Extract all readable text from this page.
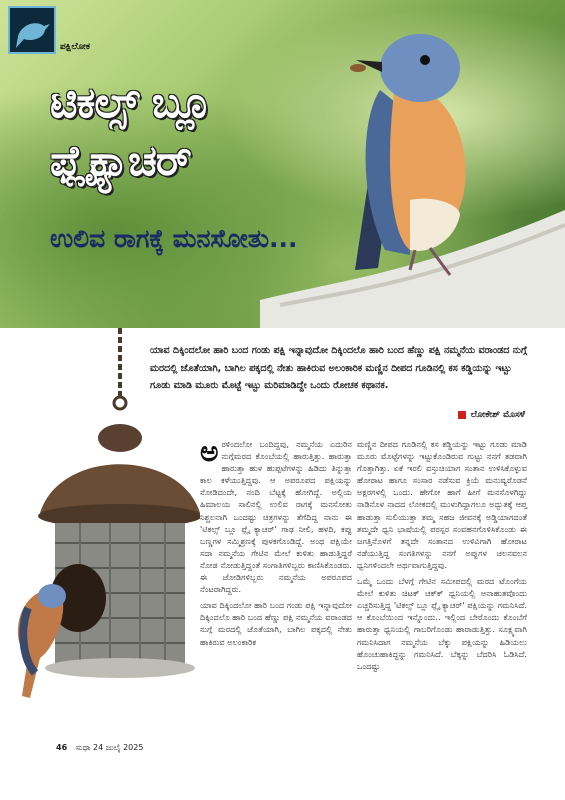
ಪಕ್ಷಿಲೋಕ
ಟಿಕಲ್ಸ್ ಬ್ಲೂ ಫ್ಲೈಕ್ಯಾಚರ್
ಉಲಿವ ರಾಗಕ್ಕೆ ಮನಸೋತು...
ಯಾವ ದಿಕ್ಕಿಂದಲೋ ಹಾರಿ ಬಂದ ಗಂಡು ಪಕ್ಷಿ ಇನ್ನಾವುದೋ ದಿಕ್ಕಿಂದಲೊ ಹಾರಿ ಬಂದ ಹೆಣ್ಣು ಪಕ್ಷಿ ನಮ್ಮನೆಯ ವರಾಂಡದ ನುಗ್ಗೆ ಮರದಲ್ಲಿ ಜೊತೆಯಾಗಿ, ಬಾಗಿಲ ಪಕ್ಕದಲ್ಲಿ ನೇತು ಹಾಕಿರುವ ಅಲಂಕಾರಿಕ ಮಣ್ಣಿನ ದೀಪದ ಗೂಡಿನಲ್ಲಿ ಕಸ ಕಡ್ಡಿಯನ್ನು ಇಟ್ಟು ಗೂಡು ಮಾಡಿ ಮೂರು ಮೊಟ್ಟೆ ಇಟ್ಟು ಮರಿಮಾಡಿದ್ದೇ ಒಂದು ರೋಚಕ ಕಥಾನಕ.
ಲೋಕೇಶ್ ಮೊಸಳೆ

ಅರಳಿಂದಲೋ ಬಂದಿದ್ದವು, ನಮ್ಮನೆಯ ಎದುರಿನ ನುಗ್ಗೆಮರದ ಕೊಂಬೆಯಲ್ಲಿ ಹಾರುತ್ತಿತ್ತು. ಹಾರುತ್ತಾ ಹಾರುತ್ತಾ ಹುಳ ಹುಪ್ಪಟೆಗಳನ್ನು ಹಿಡಿದು ತಿನ್ನುತ್ತಾ ಕಾಲ ಕಳೆಯುತ್ತಿದ್ದವು. ಆ ಅಪರೂಪದ ಪಕ್ಷಿಯನ್ನು ನೋಡಿದಂದೇ, ನಂದಿ ಬೆಟ್ಟಕ್ಕೆ ಹೋಗಿದ್ದೆ. ಅಲ್ಲಿಯ ಹಿಮಾಲಯ ಸಾಲಿನಲ್ಲಿ ಉಲಿವ ರಾಗಕ್ಕೆ ಮನಸೋತು ನಿಶ್ಚಲನಾಗಿ ಒಂದಷ್ಟು ಚಿತ್ರಗಳನ್ನು ತೆಗೆದಿದ್ದ ನಾನು ಈ 'ಟಿಕಲ್ಸ್ ಬ್ಲೂ ಫ್ಲೈ ಕ್ಯಾಚರ್' ಗಾಢ ನೀಲಿ, ಹಳದಿ, ಕಪ್ಪು ಬಣ್ಣಗಳ ಸಮ್ಮಿಶ್ರಣಕ್ಕೆ ಪುಳಕಗೊಂಡಿದ್ದೆ. ಅಂಥ ಪಕ್ಷಿಯೇ ಸದಾ ನಮ್ಮನೆಯ ಗೇಟಿನ ಮೇಲೆ ಕುಳಿತು ಹಾಡುತ್ತಿದ್ದರೆ ನೋಡ ನೋಡುತ್ತಿದ್ದಂತೆ ಸಂಗಾತಿಗಳಿಬ್ಬರು ಕಾಣಿಸಿಕೊಂಡರು. ಈ ಜೋಡಿಗಳಿಬ್ಬರು ನಮ್ಮನೆಯ ಅಪರೂಪದ ನೆಂಟರಾಗಿದ್ದರು.

ಯಾವ ದಿಕ್ಕಿಂದಲೋ ಹಾರಿ ಬಂದ ಗಂಡು ಪಕ್ಷಿ ಇನ್ನಾವುದೋ ದಿಕ್ಕಿಂದಲೊ ಹಾರಿ ಬಂದ ಹೆಣ್ಣು ಪಕ್ಷಿ ನಮ್ಮನೆಯ ವರಾಂಡದ ನುಗ್ಗೆ ಮರದಲ್ಲಿ ಜೊತೆಯಾಗಿ, ಬಾಗಿಲ ಪಕ್ಕದಲ್ಲಿ ನೇತು ಹಾಕಿರುವ ಅಲಂಕಾರಿಕ

ಮಣ್ಣಿನ ದೀಪದ ಗೂಡಿನಲ್ಲಿ ಕಸ ಕಡ್ಡಿಯನ್ನು ಇಟ್ಟು ಗೂಡು ಮಾಡಿ ಮೂರು ಮೊಟ್ಟೆಗಳನ್ನು ಇಟ್ಟುಕೊಂಡಿರುವ ಗುಟ್ಟು ನನಗೆ ತಡವಾಗಿ ಗೊತ್ತಾಗಿತ್ತು. ಏಕೆ ಇರಲಿ ವಸ್ತುಚಿಯಾಗ ಸಂತಾನ ಉಳಿಸಿಕೊಳ್ಳುವ ಹೋರಾಟ ಹಾಗೂ ಸಂಸಾರ ನಡೆಸುವ ಕ್ರಿಯೆ ಮನುಷ್ಯರೊಡನೆ ಅಕ್ಷರಗಳಲ್ಲಿ ಒಂದು. ಹೇಗೋ ಹಾಗೆ ಹೀಗೆ ಮನಸೊಳಗಿದ್ದು ನಾಡಿನೊಳ ನಾದದ ಲೋಕದಲ್ಲಿ ಮುಳುಗಿದ್ದಾಗಲೂ ಅದ್ಭುತಕ್ಕೆ ಆಪ್ತ ಹಾಡುತ್ತಾ ಸುಲಿಯುತ್ತಾ ತಮ್ಮ ಸಹಜ ಜೀವನಕ್ಕೆ ಅಡ್ಡಿಯಾಗದಂತೆ ತಮ್ಮದೇ ಧ್ವನಿ ಭಾಷೆಯಲ್ಲಿ ಪರಸ್ಪರ ಸಂವಹನಗೊಳಿಸಿಕೊಂಡು ಈ ಜಗತ್ತಿನೊಳಗೆ ತನ್ನದೇ ಸಂತಾನದ ಉಳಿವಿಗಾಗಿ ಹೋರಾಟ ನಡೆಯುತ್ತಿದ್ದ ಸಂಗತಿಗಳನ್ನು ನನಗೆ ಅಪ್ಪುಗಳ ಚಲನವಲನ ಧ್ವನಿಗಳಿಂದಲೇ ಅರ್ಥವಾಗುತ್ತಿದ್ದವು.

ಒಮ್ಮೆ ಒಂದು ಬೆಳಗ್ಗೆ ಗೇಟಿನ ಸಮೀಪದಲ್ಲಿ ಮರದ ಟೊಂಗೆಯ ಮೇಲೆ ಕುಳಿತು ಚಿಟಕ್ ಚಕ್‌ಕ್ ಧ್ವನಿಯಲ್ಲಿ ಅನಾಹುತವೊಂದು ಎಚ್ಚರಿಸುತ್ತಿದ್ದ 'ಟಿಕಲ್ಸ್ ಬ್ಲೂ ಫ್ಲೈ ಕ್ಯಾಚರ್' ಪಕ್ಷಿಯನ್ನು ಗಮನಿಸಿದೆ. ಆ ಕೊಂಬೆಯಿಂದ ಇನ್ನೊಂದು.. ಇಲ್ಲಿಂದ ಬೇರೊಂದು ಕೊಂಬೆಗೆ ಹಾರುತ್ತಾ ಧ್ವನಿಯಲ್ಲಿ ಗಾಬರಿಗೊಂಡು ಹಾರಾಡುತ್ತಿತ್ತು. ಸೂಕ್ಷ್ಮವಾಗಿ ಗಮನಿಸಿದಾಗ ನಮ್ಮನೆಯ ಬೆಕ್ಕು ಪಕ್ಷಿಯನ್ನು ಹಿಡಿಯಲು ಹೊಂಚುಹಾಕಿದ್ದನ್ನು ಗಮನಿಸಿದೆ. ಬೆಕ್ಕನ್ನು ಬೆದರಿಸಿ ಓಡಿಸಿದೆ. ಒಂದಷ್ಟು

46 ಸುಧಾ 24 ಜುಲೈ 2025
